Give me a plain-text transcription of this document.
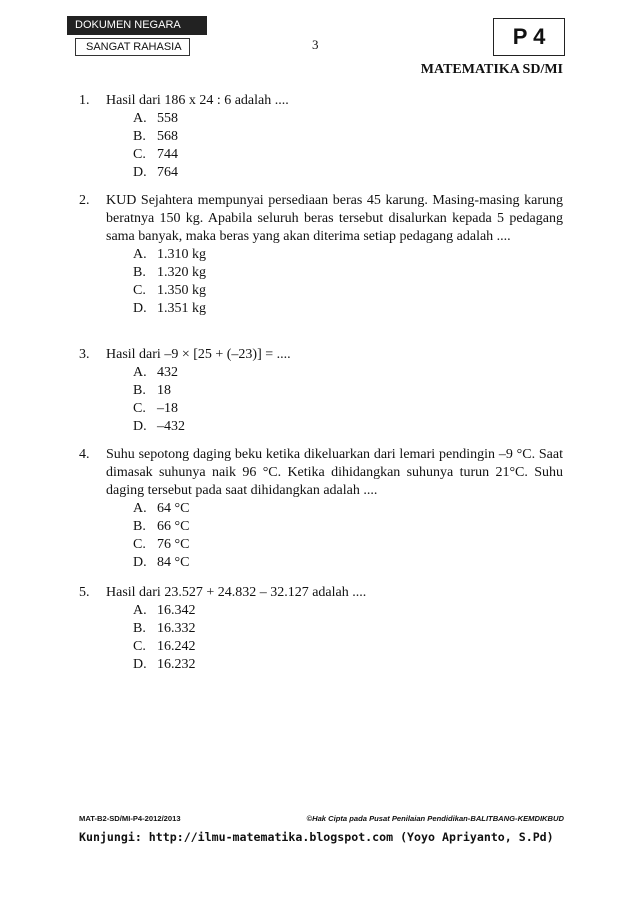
DOKUMEN NEGARA
SANGAT RAHASIA	3	P 4
MATEMATIKA SD/MI
1. Hasil dari 186 x 24 : 6 adalah ....
A. 558
B. 568
C. 744
D. 764
2. KUD Sejahtera mempunyai persediaan beras 45 karung. Masing-masing karung beratnya 150 kg. Apabila seluruh beras tersebut disalurkan kepada 5 pedagang sama banyak, maka beras yang akan diterima setiap pedagang adalah ....
A. 1.310 kg
B. 1.320 kg
C. 1.350 kg
D. 1.351 kg
3. Hasil dari –9 × [25 + (–23)] = ....
A. 432
B. 18
C. –18
D. –432
4. Suhu sepotong daging beku ketika dikeluarkan dari lemari pendingin –9 °C. Saat dimasak suhunya naik 96 °C. Ketika dihidangkan suhunya turun 21°C. Suhu daging tersebut pada saat dihidangkan adalah ....
A. 64 °C
B. 66 °C
C. 76 °C
D. 84 °C
5. Hasil dari 23.527 + 24.832 – 32.127 adalah ....
A. 16.342
B. 16.332
C. 16.242
D. 16.232
MAT-B2-SD/MI-P4-2012/2013	©Hak Cipta pada Pusat Penilaian Pendidikan-BALITBANG-KEMDIKBUD
Kunjungi: http://ilmu-matematika.blogspot.com (Yoyo Apriyanto, S.Pd)
